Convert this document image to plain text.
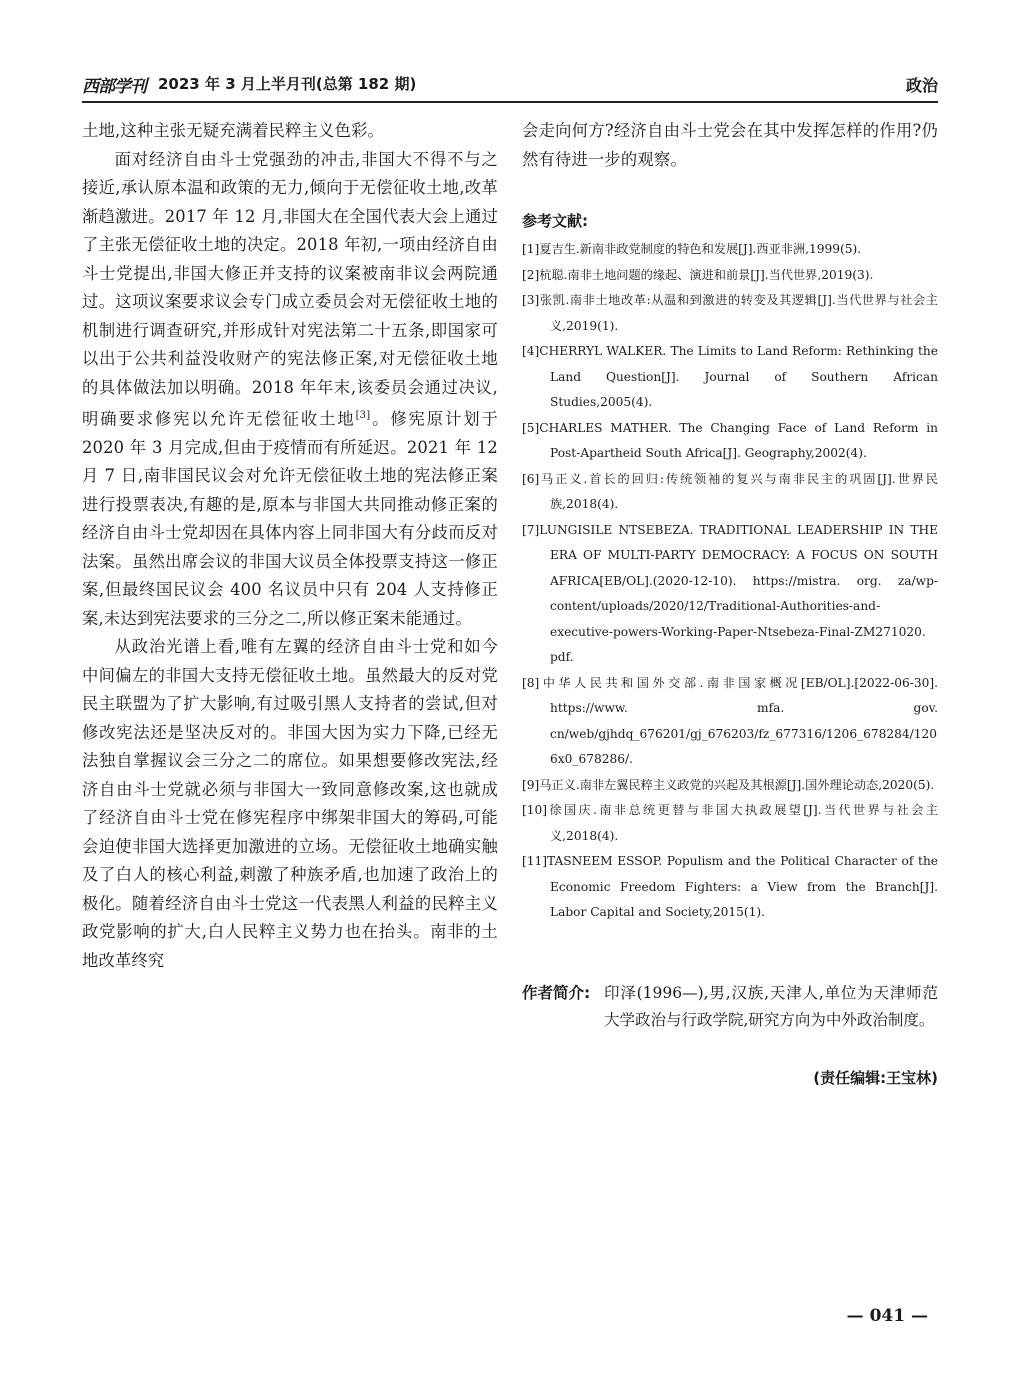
西部学刊 2023 年 3 月上半月刊(总第 182 期)	政治

土地,这种主张无疑充满着民粹主义色彩。

面对经济自由斗士党强劲的冲击,非国大不得不与之接近,承认原本温和政策的无力,倾向于无偿征收土地,改革渐趋激进。2017 年 12 月,非国大在全国代表大会上通过了主张无偿征收土地的决定。2018 年初,一项由经济自由斗士党提出,非国大修正并支持的议案被南非议会两院通过。这项议案要求议会专门成立委员会对无偿征收土地的机制进行调查研究,并形成针对宪法第二十五条,即国家可以出于公共利益没收财产的宪法修正案,对无偿征收土地的具体做法加以明确。2018 年年末,该委员会通过决议,明确要求修宪以允许无偿征收土地[3]。修宪原计划于 2020 年 3 月完成,但由于疫情而有所延迟。2021 年 12 月 7 日,南非国民议会对允许无偿征收土地的宪法修正案进行投票表决,有趣的是,原本与非国大共同推动修正案的经济自由斗士党却因在具体内容上同非国大有分歧而反对法案。虽然出席会议的非国大议员全体投票支持这一修正案,但最终国民议会 400 名议员中只有 204 人支持修正案,未达到宪法要求的三分之二,所以修正案未能通过。

从政治光谱上看,唯有左翼的经济自由斗士党和如今中间偏左的非国大支持无偿征收土地。虽然最大的反对党民主联盟为了扩大影响,有过吸引黑人支持者的尝试,但对修改宪法还是坚决反对的。非国大因为实力下降,已经无法独自掌握议会三分之二的席位。如果想要修改宪法,经济自由斗士党就必须与非国大一致同意修改案,这也就成了经济自由斗士党在修宪程序中绑架非国大的筹码,可能会迫使非国大选择更加激进的立场。无偿征收土地确实触及了白人的核心利益,刺激了种族矛盾,也加速了政治上的极化。随着经济自由斗士党这一代表黑人利益的民粹主义政党影响的扩大,白人民粹主义势力也在抬头。南非的土地改革终究

会走向何方?经济自由斗士党会在其中发挥怎样的作用?仍然有待进一步的观察。

参考文献:

[1]夏吉生.新南非政党制度的特色和发展[J].西亚非洲,1999(5).

[2]杭聪.南非土地问题的缘起、演进和前景[J].当代世界,2019(3).

[3]张凯.南非土地改革:从温和到激进的转变及其逻辑[J].当代世界与社会主义,2019(1).

[4]CHERRYL WALKER. The Limits to Land Reform: Rethinking the Land Question[J]. Journal of Southern African Studies,2005(4).

[5]CHARLES MATHER. The Changing Face of Land Reform in Post-Apartheid South Africa[J]. Geography,2002(4).

[6]马正义.首长的回归:传统领袖的复兴与南非民主的巩固[J].世界民族,2018(4).

[7]LUNGISILE NTSEBEZA. TRADITIONAL LEADERSHIP IN THE ERA OF MULTI-PARTY DEMOCRACY: A FOCUS ON SOUTH AFRICA[EB/OL].(2020-12-10). https://mistra. org. za/wp-content/uploads/2020/12/Traditional-Authorities-and-executive-powers-Working-Paper-Ntsebeza-Final-ZM271020. pdf.

[8]中华人民共和国外交部.南非国家概况[EB/OL].[2022-06-30]. https://www. mfa. gov. cn/web/gjhdq_676201/gj_676203/fz_677316/1206_678284/1206x0_678286/.

[9]马正义.南非左翼民粹主义政党的兴起及其根源[J].国外理论动态,2020(5).

[10]徐国庆.南非总统更替与非国大执政展望[J].当代世界与社会主义,2018(4).

[11]TASNEEM ESSOP. Populism and the Political Character of the Economic Freedom Fighters: a View from the Branch[J]. Labor Capital and Society,2015(1).

作者简介: 印泽(1996—),男,汉族,天津人,单位为天津师范大学政治与行政学院,研究方向为中外政治制度。
(责任编辑:王宝林)
— 041 —
